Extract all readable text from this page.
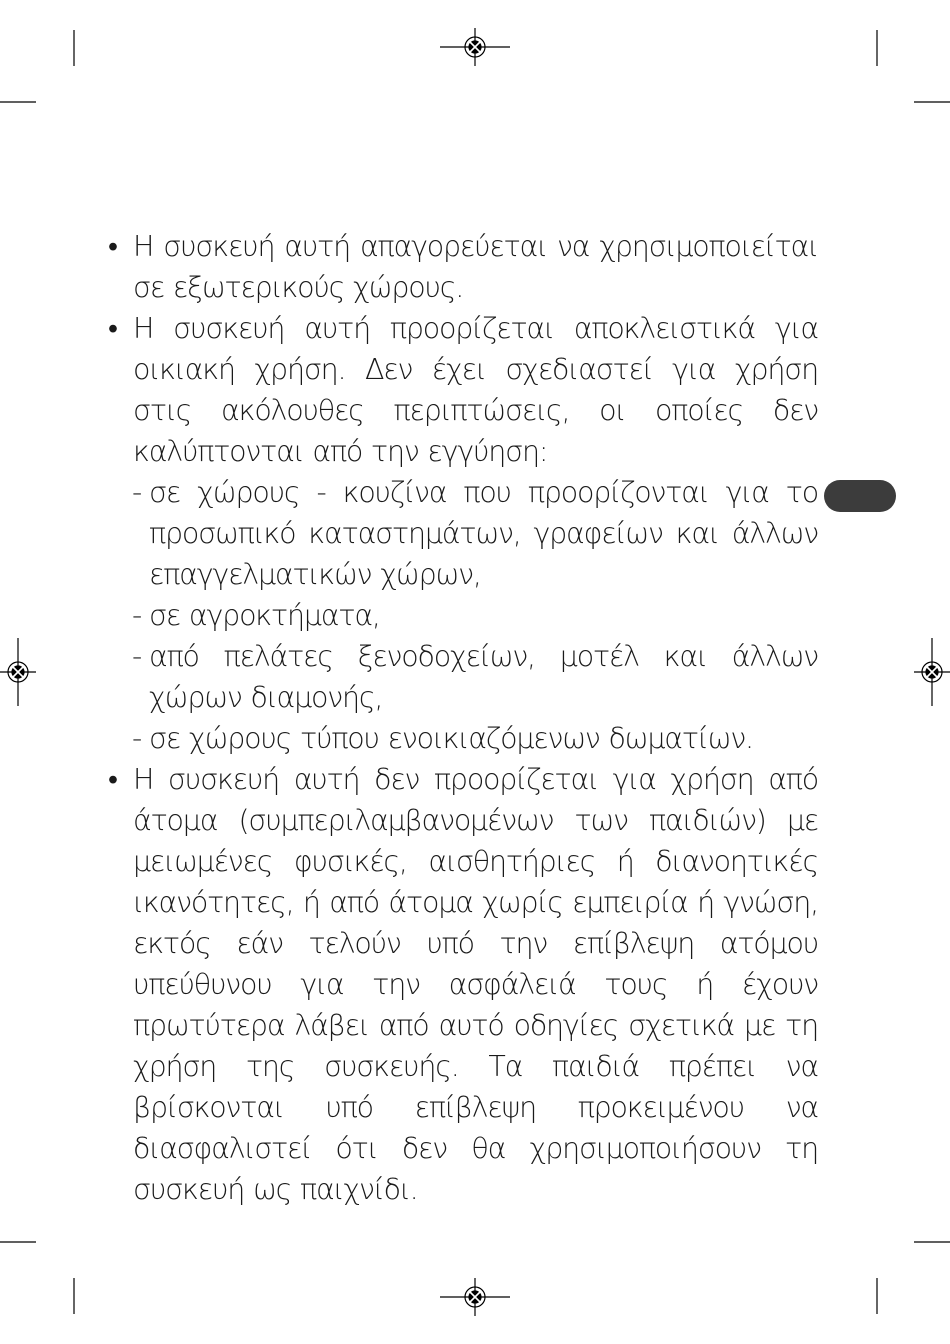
• Η συσκευή αυτή απαγορεύεται να χρησιμοποιείται σε εξωτερικούς χώρους.
• Η συσκευή αυτή προορίζεται αποκλειστικά για οικιακή χρήση. Δεν έχει σχεδιαστεί για χρήση στις ακόλουθες περιπτώσεις, οι οποίες δεν καλύπτονται από την εγγύηση:
- σε χώρους - κουζίνα που προορίζονται για το προσωπικό καταστημάτων, γραφείων και άλλων επαγγελματικών χώρων,
- σε αγροκτήματα,
- από πελάτες ξενοδοχείων, μοτέλ και άλλων χώρων διαμονής,
- σε χώρους τύπου ενοικιαζόμενων δωματίων.
• Η συσκευή αυτή δεν προορίζεται για χρήση από άτομα (συμπεριλαμβανομένων των παιδιών) με μειωμένες φυσικές, αισθητήριες ή διανοητικές ικανότητες, ή από άτομα χωρίς εμπειρία ή γνώση, εκτός εάν τελούν υπό την επίβλεψη ατόμου υπεύθυνου για την ασφάλειά τους ή έχουν πρωτύτερα λάβει από αυτό οδηγίες σχετικά με τη χρήση της συσκευής. Τα παιδιά πρέπει να βρίσκονται υπό επίβλεψη προκειμένου να διασφαλιστεί ότι δεν θα χρησιμοποιήσουν τη συσκευή ως παιχνίδι.
